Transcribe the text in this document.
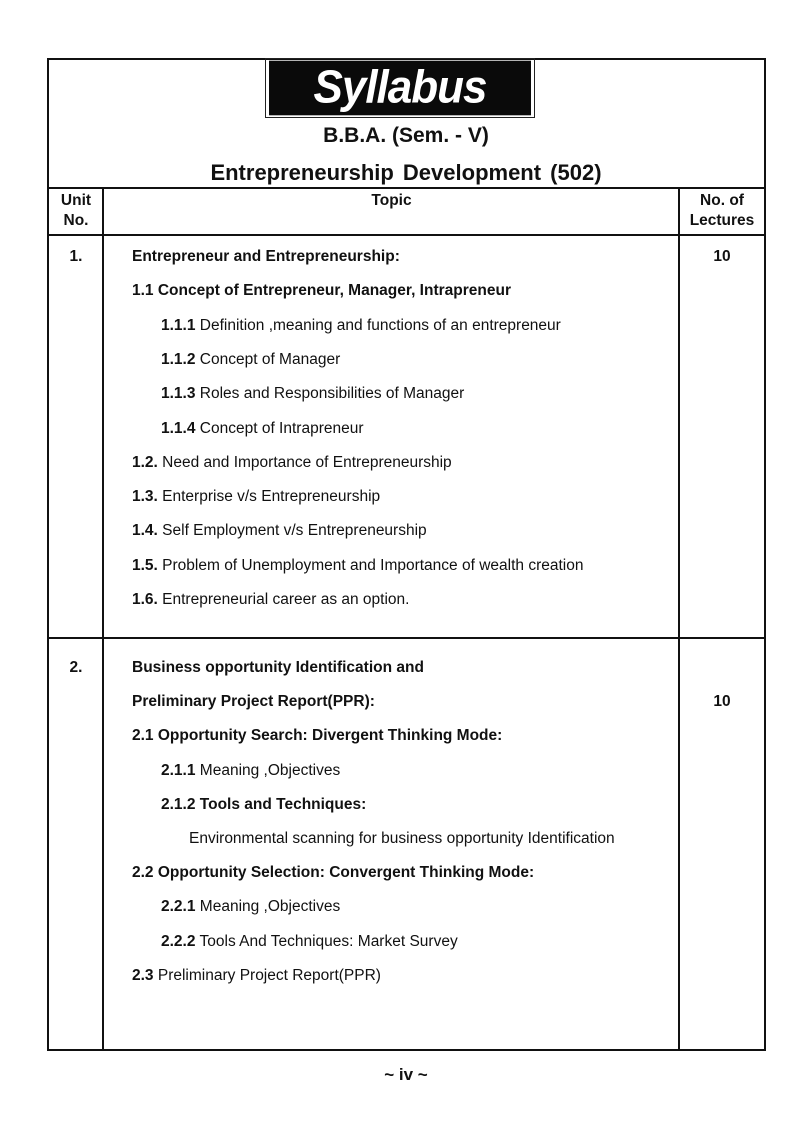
Syllabus
B.B.A. (Sem. - V)
Entrepreneurship Development (502)
Unit
No.
Topic	No. of
Lectures
1.	10
Entrepreneur and Entrepreneurship:
1.1 Concept of Entrepreneur, Manager, Intrapreneur
1.1.1 Definition ,meaning and functions of an entrepreneur
1.1.2 Concept of Manager
1.1.3 Roles and Responsibilities of Manager
1.1.4 Concept of Intrapreneur
1.2. Need and Importance of Entrepreneurship
1.3. Enterprise v/s Entrepreneurship
1.4. Self Employment v/s Entrepreneurship
1.5. Problem of Unemployment and Importance of wealth creation
1.6. Entrepreneurial career as an option.
2.
10
Business opportunity Identification and
Preliminary Project Report(PPR):
2.1 Opportunity Search: Divergent Thinking Mode:
2.1.1 Meaning ,Objectives
2.1.2 Tools and Techniques:
Environmental scanning for business opportunity Identification
2.2 Opportunity Selection: Convergent Thinking Mode:
2.2.1 Meaning ,Objectives
2.2.2 Tools And Techniques: Market Survey
2.3 Preliminary Project Report(PPR)
~ iv ~
